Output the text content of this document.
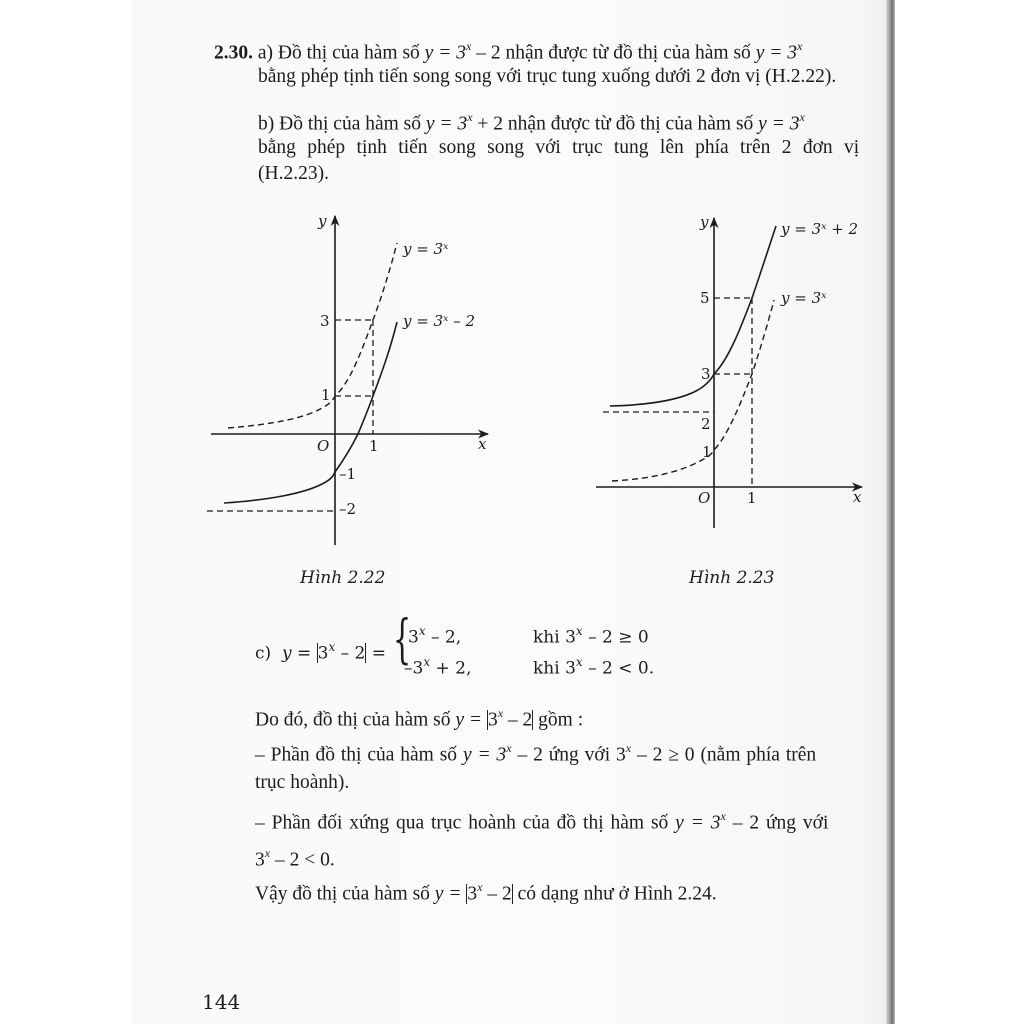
2.30. a) Đồ thị của hàm số $y = 3^x - 2$ nhận được từ đồ thị của hàm số $y = 3^x$
bằng phép tịnh tiến song song với trục tung xuống dưới 2 đơn vị (H.2.22).
b) Đồ thị của hàm số $y = 3^x + 2$ nhận được từ đồ thị của hàm số $y = 3^x$
bằng phép tịnh tiến song song với trục tung lên phía trên 2 đơn vị
(H.2.23).
y
x
O	1
3
1
–1
–2
y = 3ˣ
y = 3ˣ – 2
y
x
O 1
5
3
2
1
y = 3ˣ + 2
y = 3ˣ
Hình 2.22	Hình 2.23
c) $y = 3^x - 2$ = {
3$^x$ – 2,	khi 3$^x$ – 2 ≥ 0
$-3^x + 2$,	khi 3$^x$ – 2 < 0.
Do đó, đồ thị của hàm số $y = 3^x - 2$ gồm :
– Phần đồ thị của hàm số $y = 3^x - 2$ ứng với 3$^x$ – 2 ≥ 0 (nằm phía trên
trục hoành).
– Phần đối xứng qua trục hoành của đồ thị hàm số $y = 3^x - 2$ ứng với
3$^x$ – 2 < 0.
Vậy đồ thị của hàm số $y = 3^x - 2$ có dạng như ở Hình 2.24.
144
